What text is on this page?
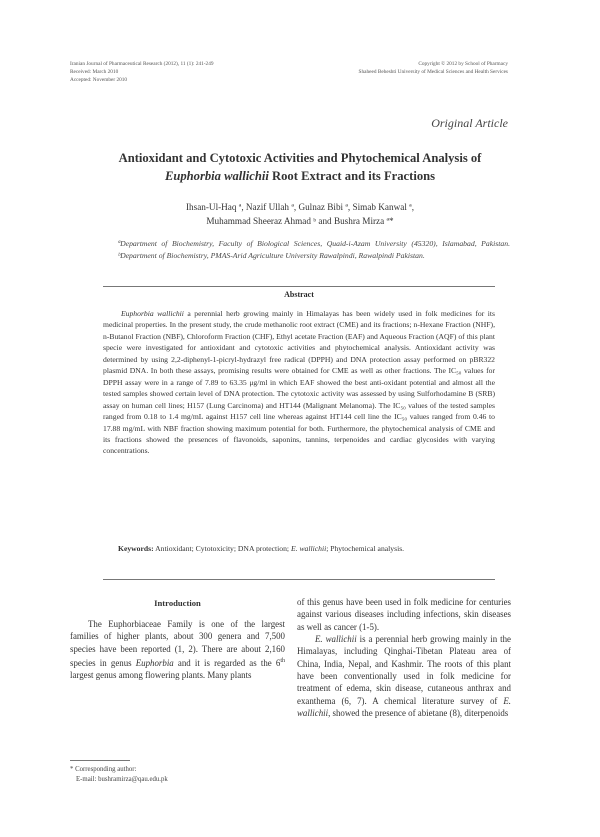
Iranian Journal of Pharmaceutical Research (2012), 11 (1): 241-249
Received: March 2010
Accepted: November 2010
Copyright © 2012 by School of Pharmacy
Shaheed Beheshti University of Medical Sciences and Health Services
Original Article
Antioxidant and Cytotoxic Activities and Phytochemical Analysis of
Euphorbia wallichii Root Extract and its Fractions
Ihsan-Ul-Haq ª, Nazif Ullah ª, Gulnaz Bibi ª, Simab Kanwal ª,
Muhammad Sheeraz Ahmad ᵇ and Bushra Mirza ª*
ªDepartment of Biochemistry, Faculty of Biological Sciences, Quaid-i-Azam University (45320), Islamabad, Pakistan. ᵇDepartment of Biochemistry, PMAS-Arid Agriculture University Rawalpindi, Rawalpindi Pakistan.
Abstract

Euphorbia wallichii a perennial herb growing mainly in Himalayas has been widely used in folk medicines for its medicinal properties. In the present study, the crude methanolic root extract (CME) and its fractions; n-Hexane Fraction (NHF), n-Butanol Fraction (NBF), Chloroform Fraction (CHF), Ethyl acetate Fraction (EAF) and Aqueous Fraction (AQF) of this plant specie were investigated for antioxidant and cytotoxic activities and phytochemical analysis. Antioxidant activity was determined by using 2,2-diphenyl-1-picryl-hydrazyl free radical (DPPH) and DNA protection assay performed on pBR322 plasmid DNA. In both these assays, promising results were obtained for CME as well as other fractions. The IC₅₀ values for DPPH assay were in a range of 7.89 to 63.35 μg/ml in which EAF showed the best anti-oxidant potential and almost all the tested samples showed certain level of DNA protection. The cytotoxic activity was assessed by using Sulforhodamine B (SRB) assay on human cell lines; H157 (Lung Carcinoma) and HT144 (Malignant Melanoma). The IC₅₀ values of the tested samples ranged from 0.18 to 1.4 mg/mL against H157 cell line whereas against HT144 cell line the IC₅₀ values ranged from 0.46 to 17.88 mg/mL with NBF fraction showing maximum potential for both. Furthermore, the phytochemical analysis of CME and its fractions showed the presences of flavonoids, saponins, tannins, terpenoides and cardiac glycosides with varying concentrations.

Keywords: Antioxidant; Cytotoxicity; DNA protection; E. wallichii; Phytochemical analysis.
Introduction

The Euphorbiaceae Family is one of the largest families of higher plants, about 300 genera and 7,500 species have been reported (1, 2). There are about 2,160 species in genus Euphorbia and it is regarded as the 6th largest genus among flowering plants. Many plants

of this genus have been used in folk medicine for centuries against various diseases including infections, skin diseases as well as cancer (1-5).

E. wallichii is a perennial herb growing mainly in the Himalayas, including Qinghai-Tibetan Plateau area of China, India, Nepal, and Kashmir. The roots of this plant have been conventionally used in folk medicine for treatment of edema, skin disease, cutaneous anthrax and exanthema (6, 7). A chemical literature survey of E. wallichii, showed the presence of abietane (8), diterpenoids

* Corresponding author:
E-mail: bushramirza@qau.edu.pk
